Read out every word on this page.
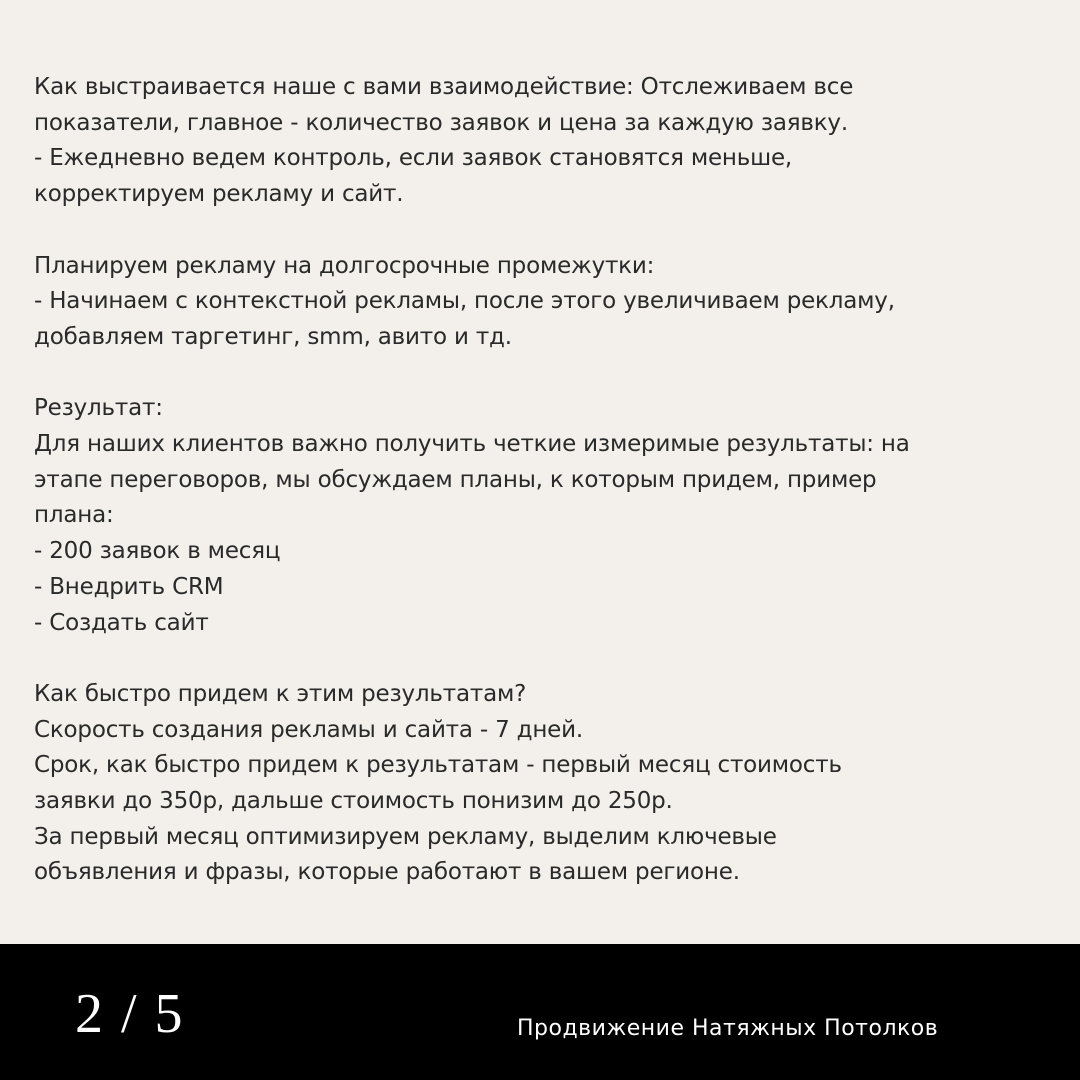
Как выстраивается наше с вами взаимодействие: Отслеживаем все

показатели, главное - количество заявок и цена за каждую заявку.

- Ежедневно ведем контроль, если заявок становятся меньше,

корректируем рекламу и сайт.

Планируем рекламу на долгосрочные промежутки:

- Начинаем с контекстной рекламы, после этого увеличиваем рекламу,

добавляем таргетинг, smm, авито и тд.

Результат:

Для наших клиентов важно получить четкие измеримые результаты: на

этапе переговоров, мы обсуждаем планы, к которым придем, пример

плана:

- 200 заявок в месяц

- Внедрить CRM

- Создать сайт

Как быстро придем к этим результатам?

Скорость создания рекламы и сайта - 7 дней.

Срок, как быстро придем к результатам - первый месяц стоимость

заявки до 350р, дальше стоимость понизим до 250р.

За первый месяц оптимизируем рекламу, выделим ключевые

объявления и фразы, которые работают в вашем регионе.

2 / 5	Продвижение Натяжных Потолков
